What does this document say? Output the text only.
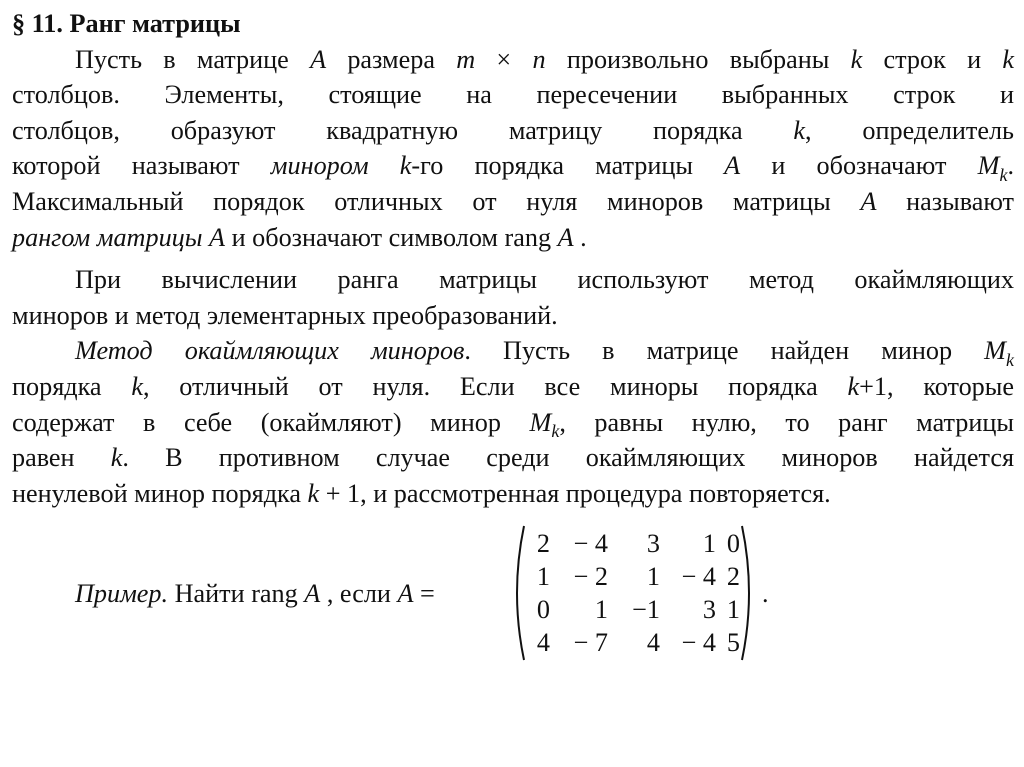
§ 11. Ранг матрицы
Пусть в матрице A размера m × n произвольно выбраны k строк и k
столбцов. Элементы, стоящие на пересечении выбранных строк и
столбцов, образуют квадратную матрицу порядка k, определитель
которой называют минором k-го порядка матрицы A и обозначают $M_k$.
Максимальный порядок отличных от нуля миноров матрицы A называют
рангом матрицы A и обозначают символом rang A .
При вычислении ранга матрицы используют метод окаймляющих
миноров и метод элементарных преобразований.
Метод окаймляющих миноров. Пусть в матрице найден минор $M_k$
порядка k, отличный от нуля. Если все миноры порядка k+1, которые
содержат в себе (окаймляют) минор $M_k$, равны нулю, то ранг матрицы
равен k. В противном случае среди окаймляющих миноров найдется
ненулевой минор порядка k + 1, и рассмотренная процедура повторяется.
Пример. Найти rang A , если A =
2 − 4	3	1 0
1 − 2	1 − 4 2
0	1 −1	3 1
4 − 7	4 − 4 5
.
